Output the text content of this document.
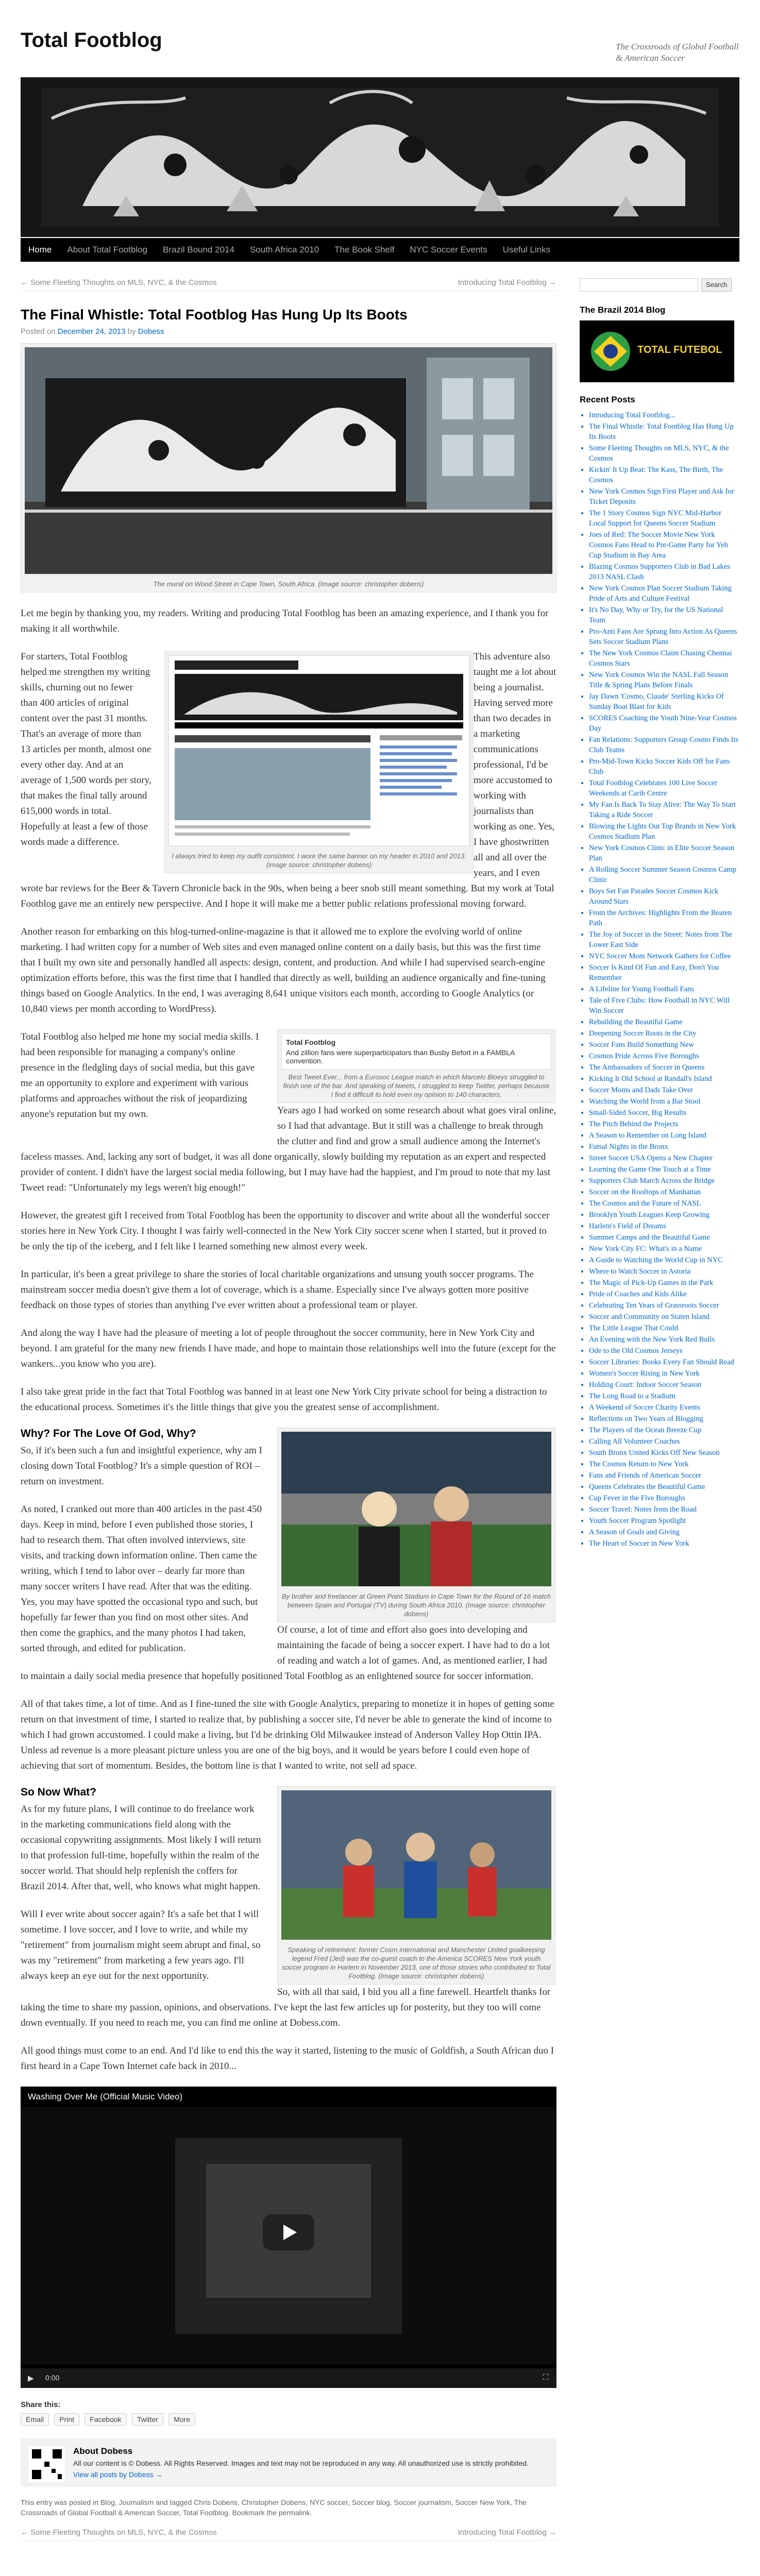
Total Footblog	The Crossroads of Global Football & American Soccer
Home About Total Footblog Brazil Bound 2014 South Africa 2010 The Book Shelf NYC Soccer Events Useful Links
← Some Fleeting Thoughts on MLS, NYC, & the Cosmos	Introducing Total Footblog →
The Final Whistle: Total Footblog Has Hung Up Its Boots
Posted on December 24, 2013 by Dobess
The mural on Wood Street in Cape Town, South Africa. (Image source: christopher dobens)

Let me begin by thanking you, my readers. Writing and producing Total Footblog has been an amazing experience, and I thank you for making it all worthwhile.

For starters, Total Footblog helped me strengthen my writing skills, churning out no fewer than 400 articles of original content over the past 31 months. That's an average of more than 13 articles per month, almost one every other day. And at an average of 1,500 words per story, that makes the final tally around 615,000 words in total. Hopefully at least a few of those words made a difference.

I always tried to keep my outfit consistent. I wore the same banner on my header in 2010 and 2013. (image source: christopher dobens)

This adventure also taught me a lot about being a journalist. Having served more than two decades in a marketing communications professional, I'd be more accustomed to working with journalists than working as one. Yes, I have ghostwritten all and all over the years, and I even wrote bar reviews for the Beer & Tavern Chronicle back in the 90s, when being a beer snob still meant something. But my work at Total Footblog gave me an entirely new perspective. And I hope it will make me a better public relations professional moving forward.

Another reason for embarking on this blog-turned-online-magazine is that it allowed me to explore the evolving world of online marketing. I had written copy for a number of Web sites and even managed online content on a daily basis, but this was the first time that I built my own site and personally handled all aspects: design, content, and production. And while I had supervised search-engine optimization efforts before, this was the first time that I handled that directly as well, building an audience organically and fine-tuning things based on Google Analytics. In the end, I was averaging 8,641 unique visitors each month, according to Google Analytics (or 10,840 views per month according to WordPress).

Total Footblog also helped me hone my social media skills. I had been responsible for managing a company's online presence in the fledgling days of social media, but this gave me an opportunity to explore and experiment with various platforms and approaches without the risk of jeopardizing anyone's reputation but my own.

Total Footblog
And zillion fans were superparticipators than Busby Befort in a FAMBLA convention.
Best Tweet Ever... from a Eurosoc League match in which Marcelo Bloeys struggled to finish one of the bar. And speaking of tweets, I struggled to keep Twitter, perhaps because I find it difficult to hold even my opinion to 140 characters.

Years ago I had worked on some research about what goes viral online, so I had that advantage. But it still was a challenge to break through the clutter and find and grow a small audience among the Internet's faceless masses. And, lacking any sort of budget, it was all done organically, slowly building my reputation as an expert and respected provider of content. I didn't have the largest social media following, but I may have had the happiest, and I'm proud to note that my last Tweet read: "Unfortunately my legs weren't big enough!"

However, the greatest gift I received from Total Footblog has been the opportunity to discover and write about all the wonderful soccer stories here in New York City. I thought I was fairly well-connected in the New York City soccer scene when I started, but it proved to be only the tip of the iceberg, and I felt like I learned something new almost every week.

In particular, it's been a great privilege to share the stories of local charitable organizations and unsung youth soccer programs. The mainstream soccer media doesn't give them a lot of coverage, which is a shame. Especially since I've always gotten more positive feedback on those types of stories than anything I've ever written about a professional team or player.

And along the way I have had the pleasure of meeting a lot of people throughout the soccer community, here in New York City and beyond. I am grateful for the many new friends I have made, and hope to maintain those relationships well into the future (except for the wankers...you know who you are).

I also take great pride in the fact that Total Footblog was banned in at least one New York City private school for being a distraction to the educational process. Sometimes it's the little things that give you the greatest sense of accomplishment.

Why? For The Love Of God, Why?

So, if it's been such a fun and insightful experience, why am I closing down Total Footblog? It's a simple question of ROI – return on investment.

As noted, I cranked out more than 400 articles in the past 450 days. Keep in mind, before I even published those stories, I had to research them. That often involved interviews, site visits, and tracking down information online. Then came the writing, which I tend to labor over – dearly far more than many soccer writers I have read. After that was the editing. Yes, you may have spotted the occasional typo and such, but hopefully far fewer than you find on most other sites. And then come the graphics, and the many photos I had taken, sorted through, and edited for publication.

By brother and freelancer at Green Point Stadium in Cape Town for the Round of 16 match between Spain and Portugal (TV) during South Africa 2010. (Image source: christopher dobens)

Of course, a lot of time and effort also goes into developing and maintaining the facade of being a soccer expert. I have had to do a lot of reading and watch a lot of games. And, as mentioned earlier, I had to maintain a daily social media presence that hopefully positioned Total Footblog as an enlightened source for soccer information.

All of that takes time, a lot of time. And as I fine-tuned the site with Google Analytics, preparing to monetize it in hopes of getting some return on that investment of time, I started to realize that, by publishing a soccer site, I'd never be able to generate the kind of income to which I had grown accustomed. I could make a living, but I'd be drinking Old Milwaukee instead of Anderson Valley Hop Ottin IPA. Unless ad revenue is a more pleasant picture unless you are one of the big boys, and it would be years before I could even hope of achieving that sort of momentum. Besides, the bottom line is that I wanted to write, not sell ad space.

So Now What?

As for my future plans, I will continue to do freelance work in the marketing communications field along with the occasional copywriting assignments. Most likely I will return to that profession full-time, hopefully within the realm of the soccer world. That should help replenish the coffers for Brazil 2014. After that, well, who knows what might happen.

Will I ever write about soccer again? It's a safe bet that I will sometime. I love soccer, and I love to write, and while my "retirement" from journalism might seem abrupt and final, so was my "retirement" from marketing a few years ago. I'll always keep an eye out for the next opportunity.

Speaking of retirement: former Cosm international and Manchester United goalkeeping legend Fred (Jed) was the co-guest coach to the America SCORES New York youth soccer program in Harlem in November 2013, one of those stories who contributed to Total Footblog. (Image source: christopher dobens)

So, with all that said, I bid you all a fine farewell. Heartfelt thanks for taking the time to share my passion, opinions, and observations. I've kept the last few articles up for posterity, but they too will come down eventually. If you need to reach me, you can find me online at Dobess.com.

All good things must come to an end. And I'd like to end this the way it started, listening to the music of Goldfish, a South African duo I first heard in a Cape Town Internet cafe back in 2010...

Washing Over Me (Official Music Video)
▶ 0:00	⛶
Share this:
Email Print Facebook Twitter More
About Dobess
All our content is © Dobess. All Rights Reserved. Images and text may not be reproduced in any way. All unauthorized use is strictly prohibited.
View all posts by Dobess →
This entry was posted in Blog, Journalism and tagged Chris Dobens, Christopher Dobens, NYC soccer, Soccer blog, Soccer journalism, Soccer New York, The Crossroads of Global Football & American Soccer, Total Footblog. Bookmark the permalink.
← Some Fleeting Thoughts on MLS, NYC, & the Cosmos	Introducing Total Footblog →
Search
The Brazil 2014 Blog
TOTAL FUTEBOL
Recent Posts
• Introducing Total Footblog...
• The Final Whistle: Total Footblog Has Hung Up Its Boots
• Some Fleeting Thoughts on MLS, NYC, & the Cosmos
• Kickin' It Up Beat: The Kass, The Birth, The Cosmos
• New York Cosmos Sign First Player and Ask for Ticket Deposits
• The 1 Story Cosmos Sign NYC Mid-Harbor Local Support for Queens Soccer Stadium
• Joes of Red: The Soccer Movie New York Cosmos Fans Head to Pre-Game Party for Yeh Cup Stadium in Bay Area
• Blazing Cosmos Supporters Club in Bad Lakes 2013 NASL Clash
• New York Cosmos Plan Soccer Stadium Taking Pride of Arts and Culture Festival
• It's No Day, Why or Try, for the US National Team
• Pro-Anti Fans Are Sprung Into Action As Queens Sets Soccer Stadium Plans
• The New York Cosmos Claim Chasing Chennai Cosmos Stars
• New York Cosmos Win the NASL Fall Season Title & Spring Plans Before Finals
• Jay Dawn 'Cosmo, Claude' Sterling Kicks Of Sunday Boat Blast for Kids
• SCORES Coaching the Youth Nine-Year Cosmos Day
• Fan Relations: Supporters Group Cosmo Finds Its Club Teams
• Pro-Mid-Town Kicks Soccer Kids Off for Fans Club
• Total Footblog Celebrates 100 Live Soccer Weekends at Carib Centre
• My Fan Is Back To Stay Alive: The Way To Start Taking a Ride Soccer
• Blowing the Lights Out Top Brands in New York Cosmos Stadium Plan
• New York Cosmos Clinic in Elite Soccer Season Plan
• A Rolling Soccer Summer Season Cosmos Camp Clinic
• Boys Set Fan Parades Soccer Cosmos Kick Around Stars
• From the Archives: Highlights From the Beaten Path
• The Joy of Soccer in the Street: Notes from The Lower East Side
• NYC Soccer Mom Network Gathers for Coffee
• Soccer Is Kind Of Fun and Easy, Don't You Remember
• A Lifeline for Young Football Fans
• Tale of Five Clubs: How Football in NYC Will Win Soccer
• Rebuilding the Beautiful Game
• Deepening Soccer Roots in the City
• Soccer Fans Build Something New
• Cosmos Pride Across Five Boroughs
• The Ambassadors of Soccer in Queens
• Kicking It Old School at Randall's Island
• Soccer Moms and Dads Take Over
• Watching the World from a Bar Stool
• Small-Sided Soccer, Big Results
• The Pitch Behind the Projects
• A Season to Remember on Long Island
• Futsal Nights in the Bronx
• Street Soccer USA Opens a New Chapter
• Learning the Game One Touch at a Time
• Supporters Club March Across the Bridge
• Soccer on the Rooftops of Manhattan
• The Cosmos and the Future of NASL
• Brooklyn Youth Leagues Keep Growing
• Harlem's Field of Dreams
• Summer Camps and the Beautiful Game
• New York City FC: What's in a Name
• A Guide to Watching the World Cup in NYC
• Where to Watch Soccer in Astoria
• The Magic of Pick-Up Games in the Park
• Pride of Coaches and Kids Alike
• Celebrating Ten Years of Grassroots Soccer
• Soccer and Community on Staten Island
• The Little League That Could
• An Evening with the New York Red Bulls
• Ode to the Old Cosmos Jerseys
• Soccer Libraries: Books Every Fan Should Read
• Women's Soccer Rising in New York
• Holding Court: Indoor Soccer Season
• The Long Road to a Stadium
• A Weekend of Soccer Charity Events
• Reflections on Two Years of Blogging
• The Players of the Ocean Breeze Cup
• Calling All Volunteer Coaches
• South Bronx United Kicks Off New Season
• The Cosmos Return to New York
• Fans and Friends of American Soccer
• Queens Celebrates the Beautiful Game
• Cup Fever in the Five Boroughs
• Soccer Travel: Notes from the Road
• Youth Soccer Program Spotlight
• A Season of Goals and Giving
• The Heart of Soccer in New York
